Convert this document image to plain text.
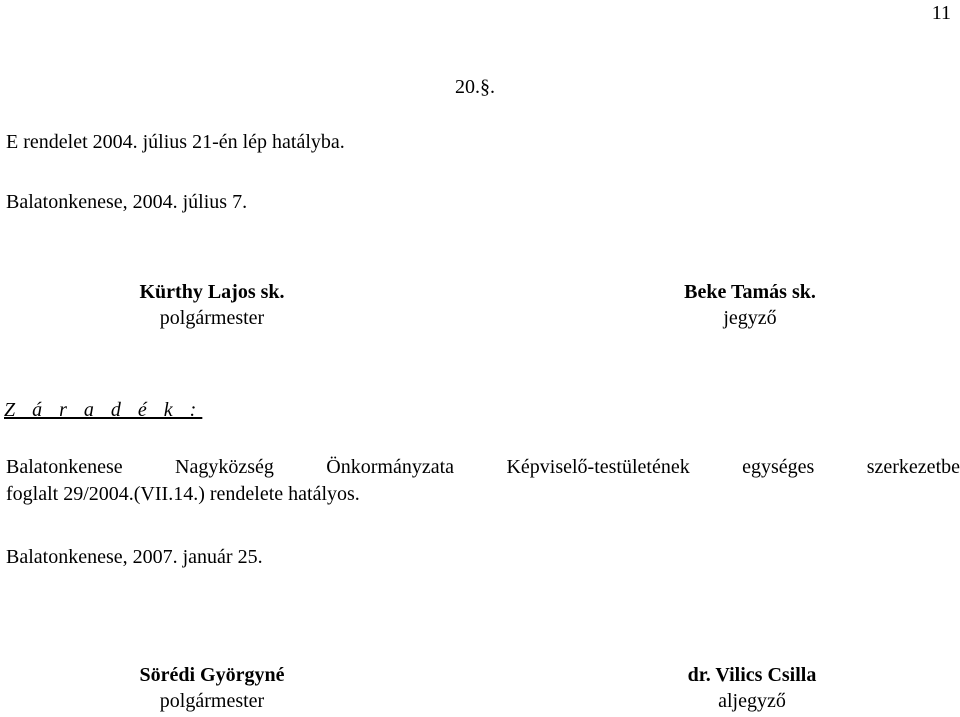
11
20.§.
E rendelet 2004. július 21-én lép hatályba.
Balatonkenese, 2004. július 7.
Kürthy Lajos sk.
polgármester
Beke Tamás sk.
jegyző
Z á r a d é k :
Balatonkenese Nagyközség Önkormányzata Képviselő-testületének egységes szerkezetbe
foglalt 29/2004.(VII.14.) rendelete hatályos.
Balatonkenese, 2007. január 25.
Sörédi Györgyné
polgármester
dr. Vilics Csilla
aljegyző
